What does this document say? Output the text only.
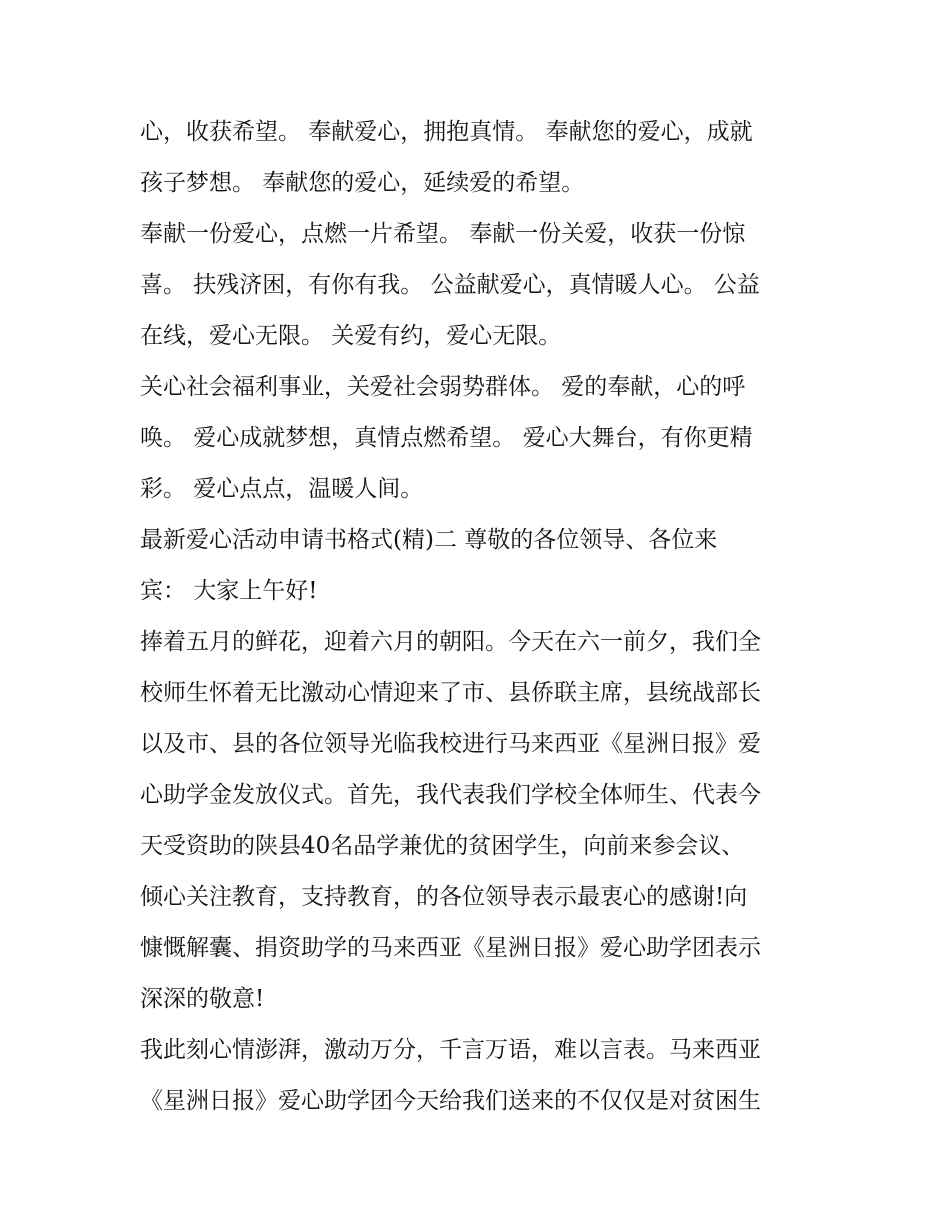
心，收获希望。 奉献爱心，拥抱真情。 奉献您的爱心，成就
孩子梦想。 奉献您的爱心，延续爱的希望。
奉献一份爱心，点燃一片希望。 奉献一份关爱，收获一份惊
喜。 扶残济困，有你有我。 公益献爱心，真情暖人心。 公益
在线，爱心无限。 关爱有约，爱心无限。
关心社会福利事业，关爱社会弱势群体。 爱的奉献，心的呼
唤。 爱心成就梦想，真情点燃希望。 爱心大舞台，有你更精
彩。 爱心点点，温暖人间。
最新爱心活动申请书格式(精)二 尊敬的各位领导、各位来
宾： 大家上午好!
捧着五月的鲜花，迎着六月的朝阳。今天在六一前夕，我们全
校师生怀着无比激动心情迎来了市、县侨联主席，县统战部长
以及市、县的各位领导光临我校进行马来西亚《星洲日报》爱
心助学金发放仪式。首先，我代表我们学校全体师生、代表今
天受资助的陕县40名品学兼优的贫困学生，向前来参会议、
倾心关注教育，支持教育，的各位领导表示最衷心的感谢!向
慷慨解囊、捐资助学的马来西亚《星洲日报》爱心助学团表示
深深的敬意!
我此刻心情澎湃，激动万分，千言万语，难以言表。马来西亚
《星洲日报》爱心助学团今天给我们送来的不仅仅是对贫困生
